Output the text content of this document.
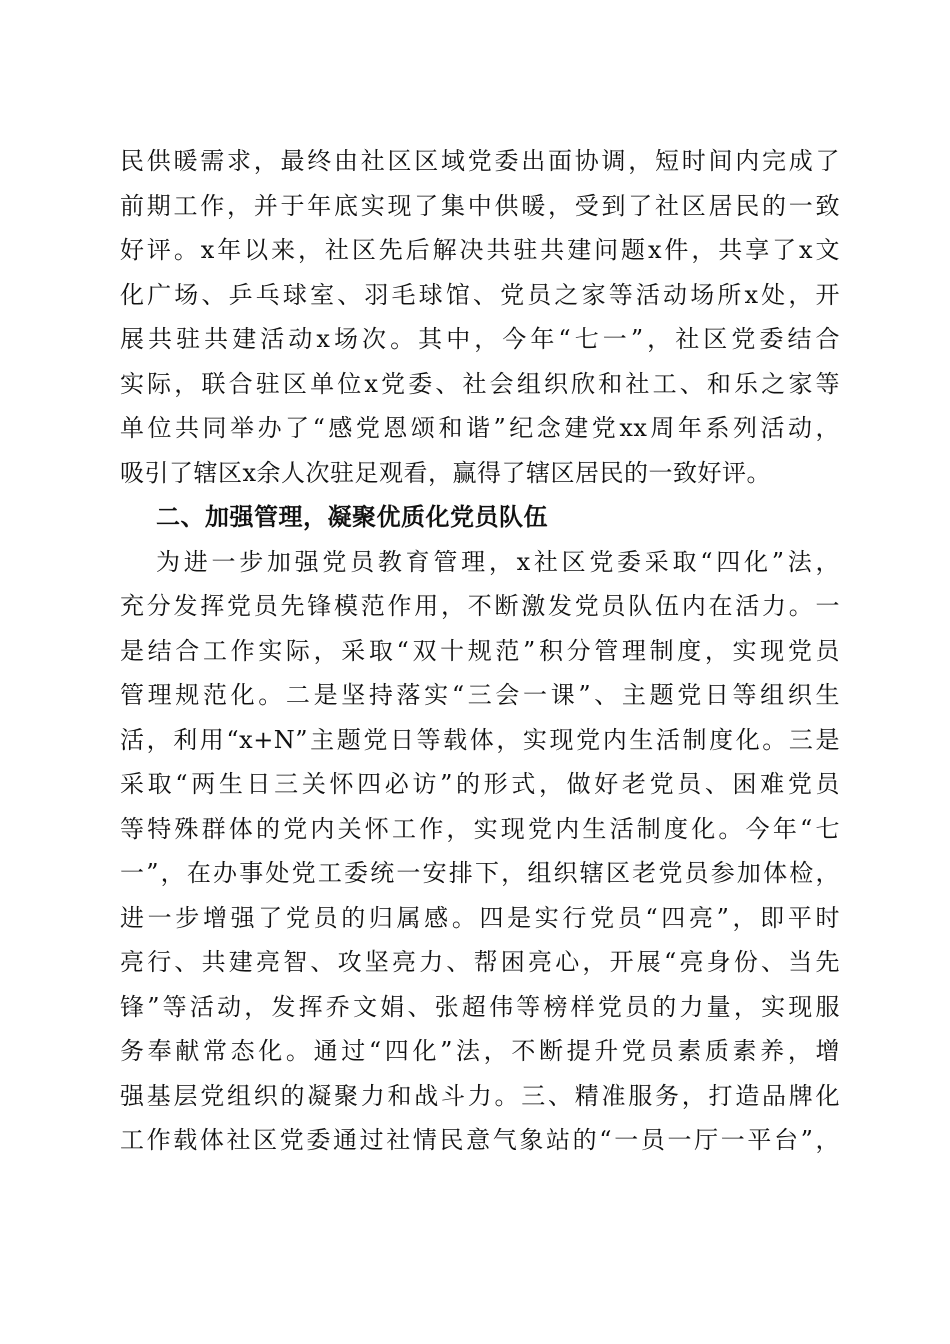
民供暖需求，最终由社区区域党委出面协调，短时间内完成了
前期工作，并于年底实现了集中供暖，受到了社区居民的一致
好评。x年以来，社区先后解决共驻共建问题x件，共享了x文
化广场、乒乓球室、羽毛球馆、党员之家等活动场所x处，开
展共驻共建活动x场次。其中，今年“七一”，社区党委结合
实际，联合驻区单位x党委、社会组织欣和社工、和乐之家等
单位共同举办了“感党恩颂和谐”纪念建党xx周年系列活动，
吸引了辖区x余人次驻足观看，赢得了辖区居民的一致好评。
二、加强管理，凝聚优质化党员队伍
为进一步加强党员教育管理，x社区党委采取“四化”法，
充分发挥党员先锋模范作用，不断激发党员队伍内在活力。一
是结合工作实际，采取“双十规范”积分管理制度，实现党员
管理规范化。二是坚持落实“三会一课”、主题党日等组织生
活，利用“x+N”主题党日等载体，实现党内生活制度化。三是
采取“两生日三关怀四必访”的形式，做好老党员、困难党员
等特殊群体的党内关怀工作，实现党内生活制度化。今年“七
一”，在办事处党工委统一安排下，组织辖区老党员参加体检，
进一步增强了党员的归属感。四是实行党员“四亮”，即平时
亮行、共建亮智、攻坚亮力、帮困亮心，开展“亮身份、当先
锋”等活动，发挥乔文娟、张超伟等榜样党员的力量，实现服
务奉献常态化。通过“四化”法，不断提升党员素质素养，增
强基层党组织的凝聚力和战斗力。三、精准服务，打造品牌化
工作载体社区党委通过社情民意气象站的“一员一厅一平台”，
